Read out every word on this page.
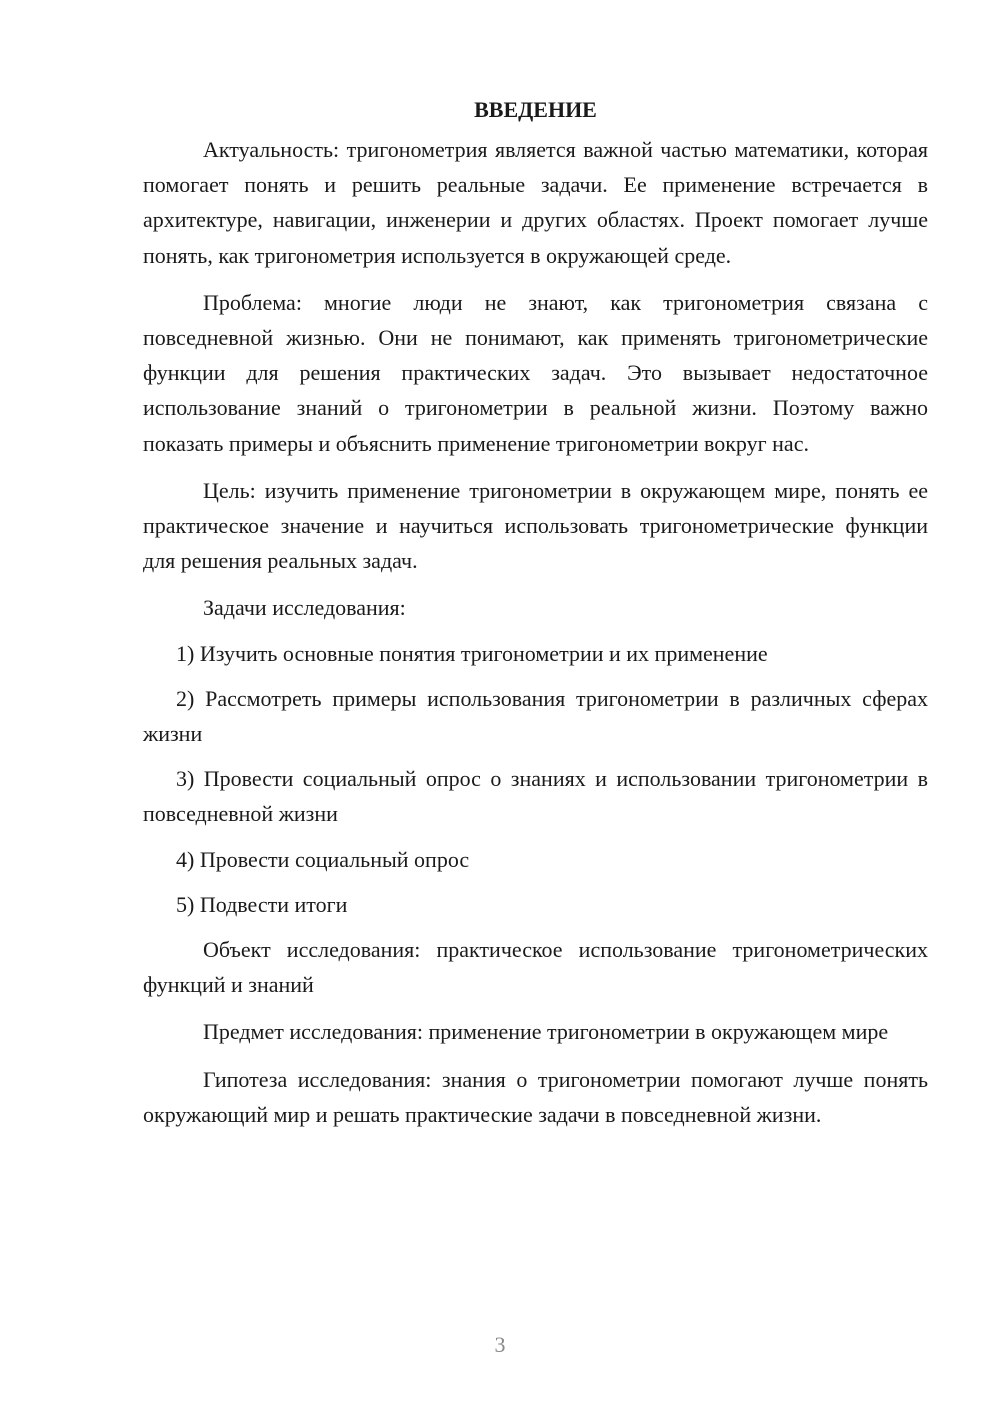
ВВЕДЕНИЕ

Актуальность: тригонометрия является важной частью математики, которая помогает понять и решить реальные задачи. Ее применение встречается в архитектуре, навигации, инженерии и других областях. Проект помогает лучше понять, как тригонометрия используется в окружающей среде.

Проблема: многие люди не знают, как тригонометрия связана с повседневной жизнью. Они не понимают, как применять тригонометрические функции для решения практических задач. Это вызывает недостаточное использование знаний о тригонометрии в реальной жизни. Поэтому важно показать примеры и объяснить применение тригонометрии вокруг нас.

Цель: изучить применение тригонометрии в окружающем мире, понять ее практическое значение и научиться использовать тригонометрические функции для решения реальных задач.

Задачи исследования:

1) Изучить основные понятия тригонометрии и их применение

2) Рассмотреть примеры использования тригонометрии в различных сферах жизни

3) Провести социальный опрос о знаниях и использовании тригонометрии в повседневной жизни

4) Провести социальный опрос

5) Подвести итоги

Объект исследования: практическое использование тригонометрических функций и знаний

Предмет исследования: применение тригонометрии в окружающем мире

Гипотеза исследования: знания о тригонометрии помогают лучше понять окружающий мир и решать практические задачи в повседневной жизни.

3
